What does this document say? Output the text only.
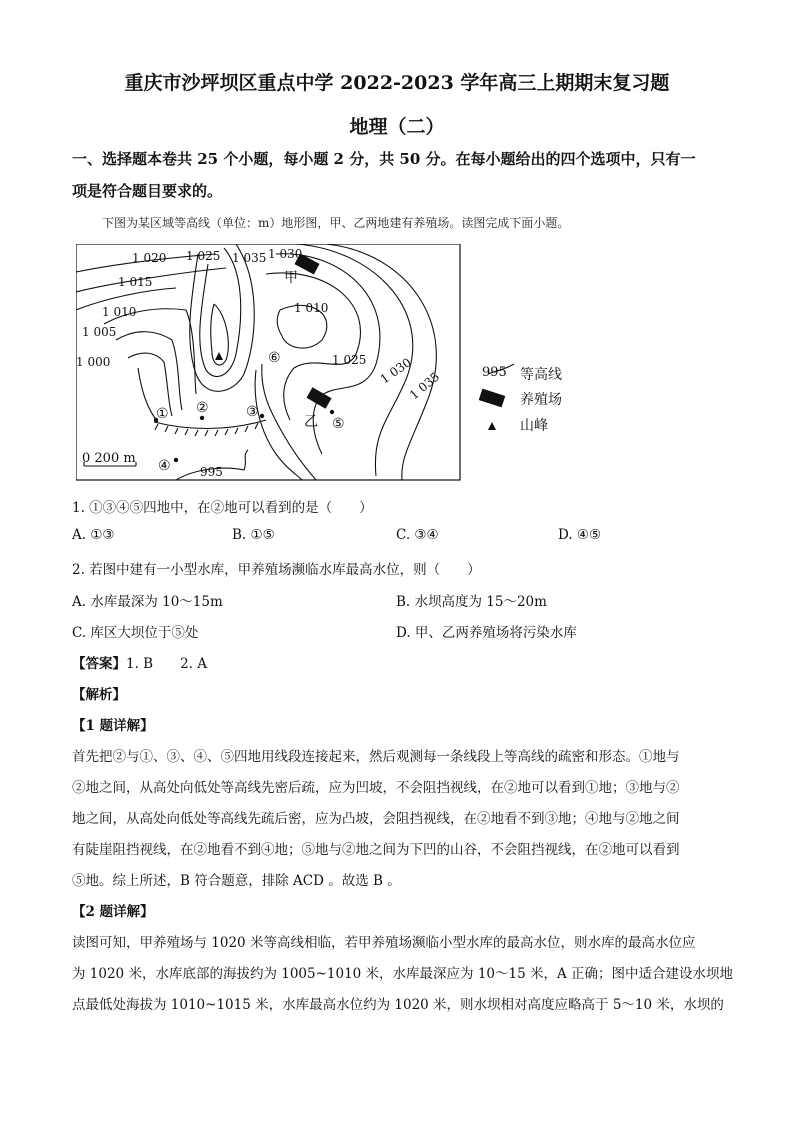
重庆市沙坪坝区重点中学 2022-2023 学年高三上期期末复习题
地理（二）
一、选择题本卷共 25 个小题，每小题 2 分，共 50 分。在每小题给出的四个选项中，只有一
项是符合题目要求的。
下图为某区域等高线（单位：m）地形图，甲、乙两地建有养殖场。读图完成下面小题。
1 020 1 025 1 035 1 030
1 015
1 010
1 005
1 000
1 010
1 025 1 030
1 035
995
0 200 m
甲
乙
① ②	③
④
⑤
⑥
995 等高线
养殖场
山峰
1. ①③④⑤四地中，在②地可以看到的是（　　）
A. ①③	B. ①⑤	C. ③④	D. ④⑤
2. 若图中建有一小型水库，甲养殖场濒临水库最高水位，则（　　）
A. 水库最深为 10～15m	B. 水坝高度为 15～20m
C. 库区大坝位于⑤处	D. 甲、乙两养殖场将污染水库
【答案】1. B　　2. A
【解析】
【1 题详解】
首先把②与①、③、④、⑤四地用线段连接起来，然后观测每一条线段上等高线的疏密和形态。①地与
②地之间，从高处向低处等高线先密后疏，应为凹坡，不会阻挡视线，在②地可以看到①地；③地与②
地之间，从高处向低处等高线先疏后密，应为凸坡，会阻挡视线，在②地看不到③地；④地与②地之间
有陡崖阻挡视线，在②地看不到④地；⑤地与②地之间为下凹的山谷，不会阻挡视线，在②地可以看到
⑤地。综上所述，B 符合题意，排除 ACD 。故选 B 。
【2 题详解】
读图可知，甲养殖场与 1020 米等高线相临，若甲养殖场濒临小型水库的最高水位，则水库的最高水位应
为 1020 米，水库底部的海拔约为 1005~1010 米，水库最深应为 10～15 米，A 正确；图中适合建设水坝地
点最低处海拔为 1010~1015 米，水库最高水位约为 1020 米，则水坝相对高度应略高于 5～10 米，水坝的
